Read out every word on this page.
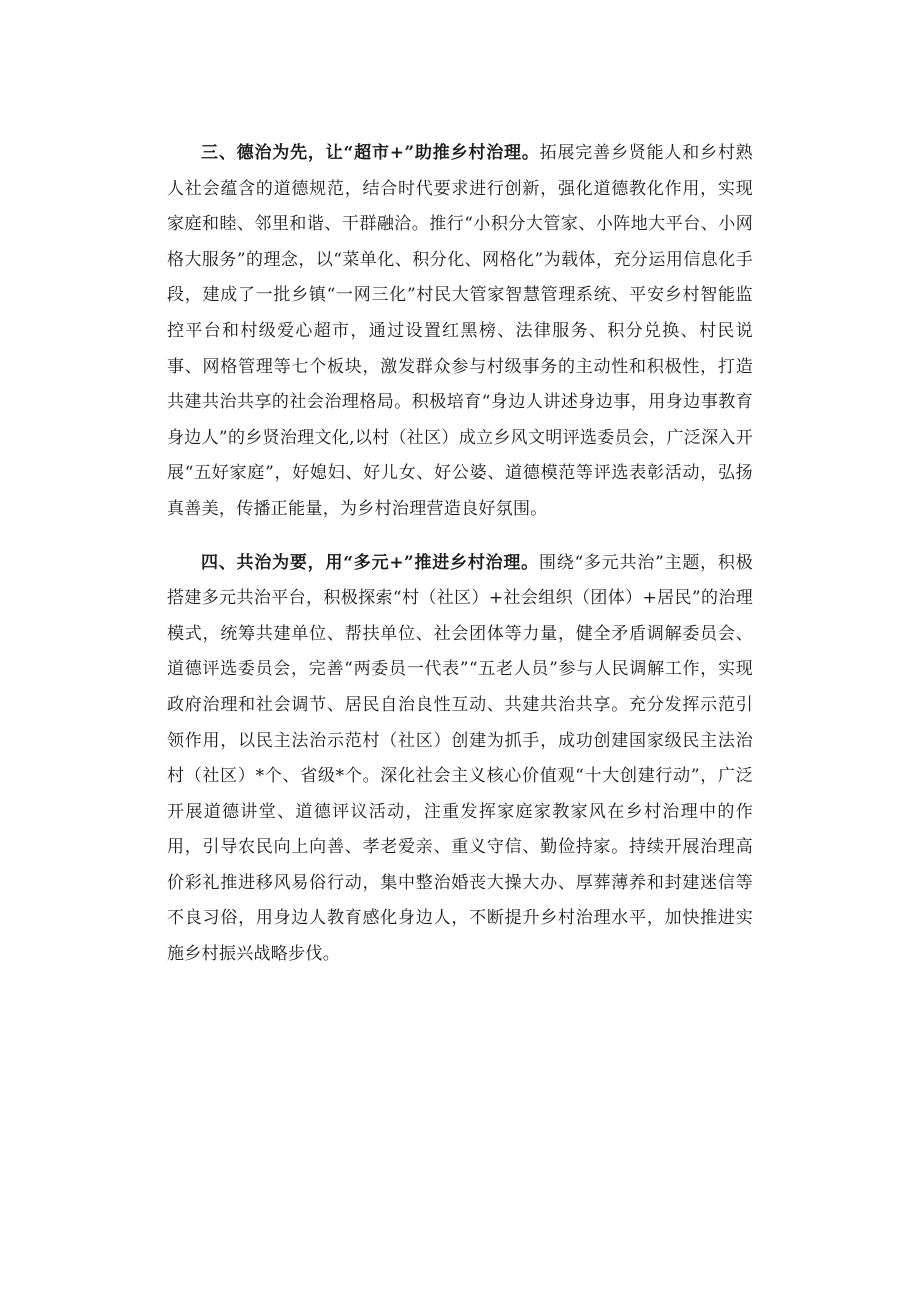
三、德治为先，让“超市+”助推乡村治理。拓展完善乡贤能人和乡村熟人社会蕴含的道德规范，结合时代要求进行创新，强化道德教化作用，实现家庭和睦、邻里和谐、干群融洽。推行“小积分大管家、小阵地大平台、小网格大服务”的理念，以“菜单化、积分化、网格化”为载体，充分运用信息化手段，建成了一批乡镇“一网三化”村民大管家智慧管理系统、平安乡村智能监控平台和村级爱心超市，通过设置红黑榜、法律服务、积分兑换、村民说事、网格管理等七个板块，激发群众参与村级事务的主动性和积极性，打造共建共治共享的社会治理格局。积极培育“身边人讲述身边事，用身边事教育身边人”的乡贤治理文化,以村（社区）成立乡风文明评选委员会，广泛深入开展“五好家庭”，好媳妇、好儿女、好公婆、道德模范等评选表彰活动，弘扬真善美，传播正能量，为乡村治理营造良好氛围。

四、共治为要，用“多元+”推进乡村治理。围绕“多元共治”主题，积极搭建多元共治平台，积极探索“村（社区）+社会组织（团体）+居民”的治理模式，统筹共建单位、帮扶单位、社会团体等力量，健全矛盾调解委员会、道德评选委员会，完善“两委员一代表”“五老人员”参与人民调解工作，实现政府治理和社会调节、居民自治良性互动、共建共治共享。充分发挥示范引领作用，以民主法治示范村（社区）创建为抓手，成功创建国家级民主法治村（社区）*个、省级*个。深化社会主义核心价值观“十大创建行动”，广泛开展道德讲堂、道德评议活动，注重发挥家庭家教家风在乡村治理中的作用，引导农民向上向善、孝老爱亲、重义守信、勤俭持家。持续开展治理高价彩礼推进移风易俗行动，集中整治婚丧大操大办、厚葬薄养和封建迷信等不良习俗，用身边人教育感化身边人，不断提升乡村治理水平，加快推进实施乡村振兴战略步伐。
